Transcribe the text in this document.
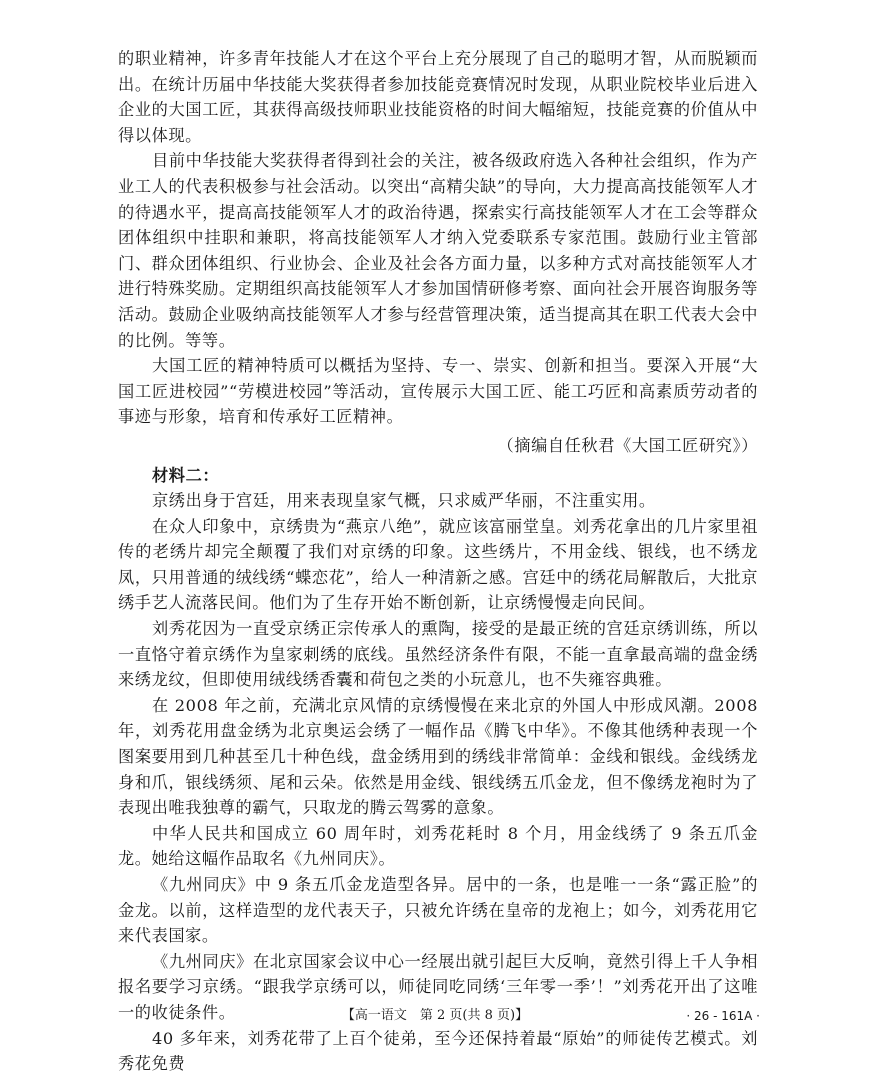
的职业精神，许多青年技能人才在这个平台上充分展现了自己的聪明才智，从而脱颖而出。在统计历届中华技能大奖获得者参加技能竞赛情况时发现，从职业院校毕业后进入企业的大国工匠，其获得高级技师职业技能资格的时间大幅缩短，技能竞赛的价值从中得以体现。

目前中华技能大奖获得者得到社会的关注，被各级政府选入各种社会组织，作为产业工人的代表积极参与社会活动。以突出“高精尖缺”的导向，大力提高高技能领军人才的待遇水平，提高高技能领军人才的政治待遇，探索实行高技能领军人才在工会等群众团体组织中挂职和兼职，将高技能领军人才纳入党委联系专家范围。鼓励行业主管部门、群众团体组织、行业协会、企业及社会各方面力量，以多种方式对高技能领军人才进行特殊奖励。定期组织高技能领军人才参加国情研修考察、面向社会开展咨询服务等活动。鼓励企业吸纳高技能领军人才参与经营管理决策，适当提高其在职工代表大会中的比例。等等。

大国工匠的精神特质可以概括为坚持、专一、崇实、创新和担当。要深入开展“大国工匠进校园”“劳模进校园”等活动，宣传展示大国工匠、能工巧匠和高素质劳动者的事迹与形象，培育和传承好工匠精神。

（摘编自任秋君《大国工匠研究》）

材料二：

京绣出身于宫廷，用来表现皇家气概，只求威严华丽，不注重实用。

在众人印象中，京绣贵为“燕京八绝”，就应该富丽堂皇。刘秀花拿出的几片家里祖传的老绣片却完全颠覆了我们对京绣的印象。这些绣片，不用金线、银线，也不绣龙凤，只用普通的绒线绣“蝶恋花”，给人一种清新之感。宫廷中的绣花局解散后，大批京绣手艺人流落民间。他们为了生存开始不断创新，让京绣慢慢走向民间。

刘秀花因为一直受京绣正宗传承人的熏陶，接受的是最正统的宫廷京绣训练，所以一直恪守着京绣作为皇家刺绣的底线。虽然经济条件有限，不能一直拿最高端的盘金绣来绣龙纹，但即使用绒线绣香囊和荷包之类的小玩意儿，也不失雍容典雅。

在 2008 年之前，充满北京风情的京绣慢慢在来北京的外国人中形成风潮。2008 年，刘秀花用盘金绣为北京奥运会绣了一幅作品《腾飞中华》。不像其他绣种表现一个图案要用到几种甚至几十种色线，盘金绣用到的绣线非常简单：金线和银线。金线绣龙身和爪，银线绣须、尾和云朵。依然是用金线、银线绣五爪金龙，但不像绣龙袍时为了表现出唯我独尊的霸气，只取龙的腾云驾雾的意象。

中华人民共和国成立 60 周年时，刘秀花耗时 8 个月，用金线绣了 9 条五爪金龙。她给这幅作品取名《九州同庆》。

《九州同庆》中 9 条五爪金龙造型各异。居中的一条，也是唯一一条“露正脸”的金龙。以前，这样造型的龙代表天子，只被允许绣在皇帝的龙袍上；如今，刘秀花用它来代表国家。

《九州同庆》在北京国家会议中心一经展出就引起巨大反响，竟然引得上千人争相报名要学习京绣。“跟我学京绣可以，师徒同吃同绣‘三年零一季’！”刘秀花开出了这唯一的收徒条件。

40 多年来，刘秀花带了上百个徒弟，至今还保持着最“原始”的师徒传艺模式。刘秀花免费

【高一语文　第 2 页(共 8 页)】	· 26 - 161A ·
